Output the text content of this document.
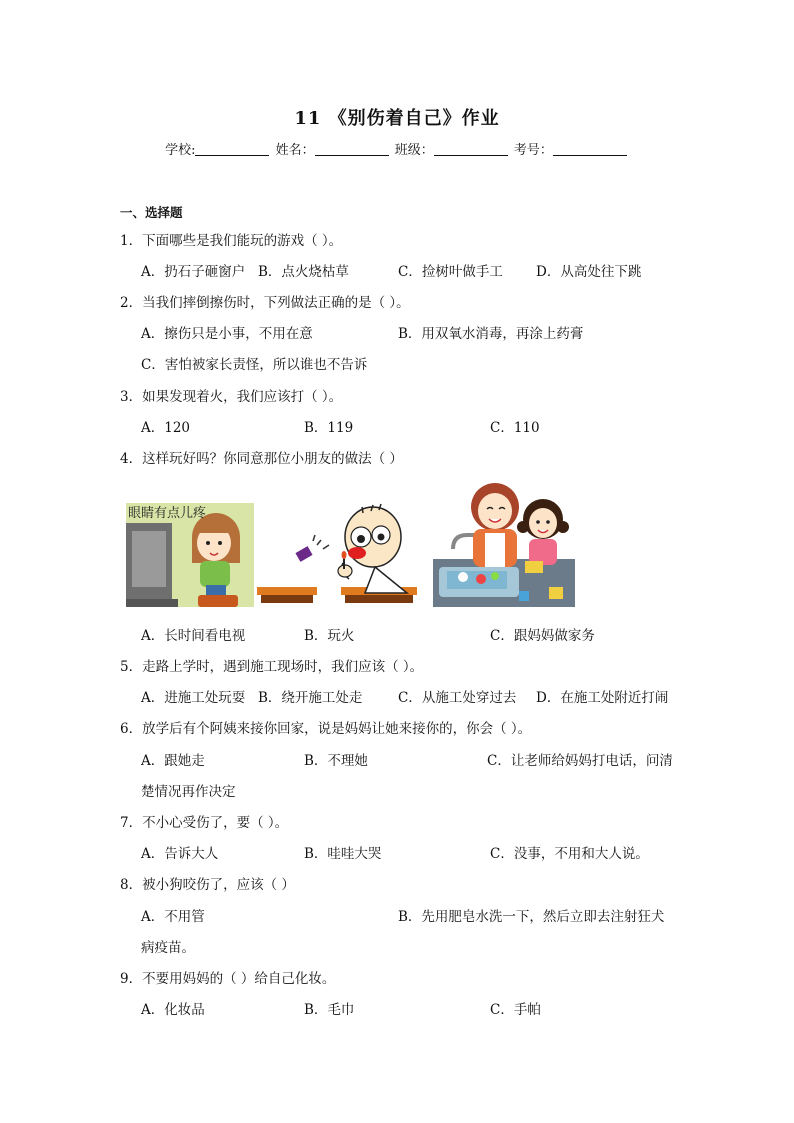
11 《别伤着自己》作业
学校:	姓名：	班级：	考号：
一、选择题
1．下面哪些是我们能玩的游戏（ ）。
A．扔石子砸窗户 B．点火烧枯草	C．捡树叶做手工 D．从高处往下跳
2．当我们摔倒擦伤时，下列做法正确的是（ ）。
A．擦伤只是小事，不用在意	B．用双氧水消毒，再涂上药膏
C．害怕被家长责怪，所以谁也不告诉
3．如果发现着火，我们应该打（ ）。
A．120	B．119	C．110
4．这样玩好吗？你同意那位小朋友的做法（ ）
眼睛有点儿疼
A．长时间看电视	B．玩火	C．跟妈妈做家务
5．走路上学时，遇到施工现场时，我们应该（ ）。
A．进施工处玩耍 B．绕开施工处走	C．从施工处穿过去 D．在施工处附近打闹
6．放学后有个阿姨来接你回家，说是妈妈让她来接你的，你会（ ）。
A．跟她走	B．不理她	C．让老师给妈妈打电话，问清
楚情况再作决定
7．不小心受伤了，要（ ）。
A．告诉大人	B．哇哇大哭	C．没事，不用和大人说。
8．被小狗咬伤了，应该（ ）
A．不用管	B．先用肥皂水洗一下，然后立即去注射狂犬
病疫苗。
9．不要用妈妈的（ ）给自己化妆。
A．化妆品	B．毛巾	C．手帕
